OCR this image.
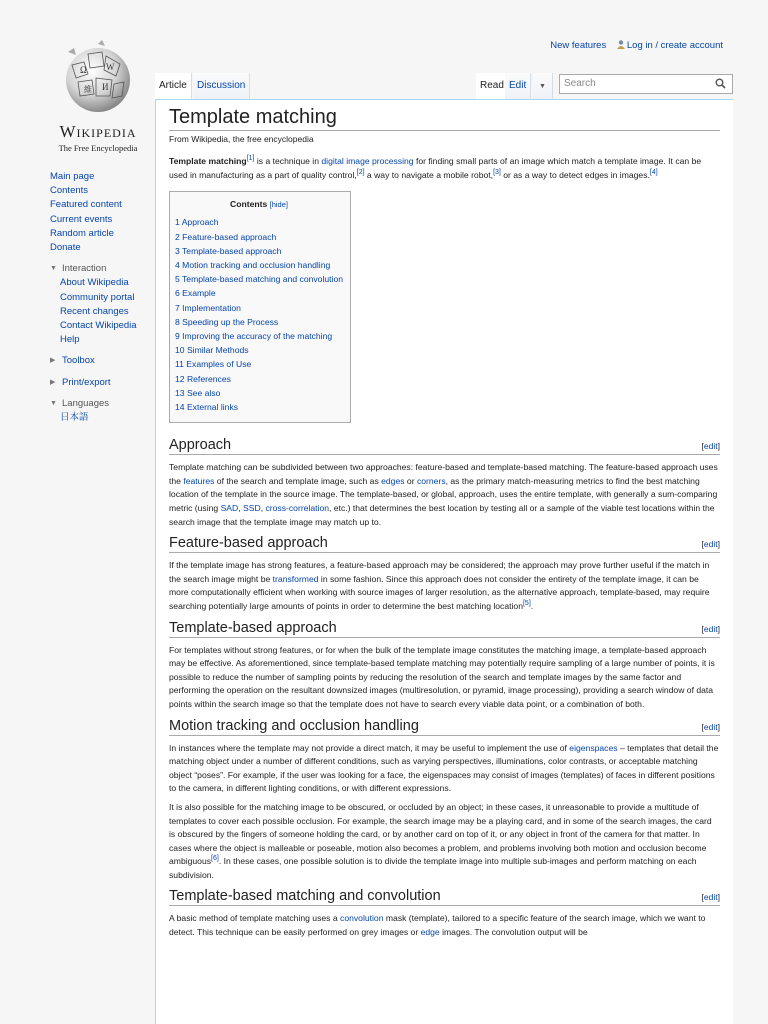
New features Log in / create account
Ω W
И
維
Wikipedia
The Free Encyclopedia
Main page
Contents
Featured content
Current events
Random article
Donate
▼ Interaction
About Wikipedia
Community portal
Recent changes
Contact Wikipedia
Help
▶ Toolbox
▶ Print/export
▼ Languages
日本語
Article	Discussion	Read Edit	▼
Search
Template matching
From Wikipedia, the free encyclopedia

Template matching[1] is a technique in digital image processing for finding small parts of an image which match a template image. It can be used in manufacturing as a part of quality control,[2] a way to navigate a mobile robot,[3] or as a way to detect edges in images.[4]

Contents [hide]
1 Approach
2 Feature-based approach
3 Template-based approach
4 Motion tracking and occlusion handling
5 Template-based matching and convolution
6 Example
7 Implementation
8 Speeding up the Process
9 Improving the accuracy of the matching
10 Similar Methods
11 Examples of Use
12 References
13 See also
14 External links
Approach	[edit]

Template matching can be subdivided between two approaches: feature-based and template-based matching. The feature-based approach uses the features of the search and template image, such as edges or corners, as the primary match-measuring metrics to find the best matching location of the template in the source image. The template-based, or global, approach, uses the entire template, with generally a sum-comparing metric (using SAD, SSD, cross-correlation, etc.) that determines the best location by testing all or a sample of the viable test locations within the search image that the template image may match up to.

Feature-based approach	[edit]

If the template image has strong features, a feature-based approach may be considered; the approach may prove further useful if the match in the search image might be transformed in some fashion. Since this approach does not consider the entirety of the template image, it can be more computationally efficient when working with source images of larger resolution, as the alternative approach, template-based, may require searching potentially large amounts of points in order to determine the best matching location[5].

Template-based approach	[edit]

For templates without strong features, or for when the bulk of the template image constitutes the matching image, a template-based approach may be effective. As aforementioned, since template-based template matching may potentially require sampling of a large number of points, it is possible to reduce the number of sampling points by reducing the resolution of the search and template images by the same factor and performing the operation on the resultant downsized images (multiresolution, or pyramid, image processing), providing a search window of data points within the search image so that the template does not have to search every viable data point, or a combination of both.

Motion tracking and occlusion handling	[edit]

In instances where the template may not provide a direct match, it may be useful to implement the use of eigenspaces – templates that detail the matching object under a number of different conditions, such as varying perspectives, illuminations, color contrasts, or acceptable matching object “poses”. For example, if the user was looking for a face, the eigenspaces may consist of images (templates) of faces in different positions to the camera, in different lighting conditions, or with different expressions.

It is also possible for the matching image to be obscured, or occluded by an object; in these cases, it unreasonable to provide a multitude of templates to cover each possible occlusion. For example, the search image may be a playing card, and in some of the search images, the card is obscured by the fingers of someone holding the card, or by another card on top of it, or any object in front of the camera for that matter. In cases where the object is malleable or poseable, motion also becomes a problem, and problems involving both motion and occlusion become ambiguous[6]. In these cases, one possible solution is to divide the template image into multiple sub-images and perform matching on each subdivision.

Template-based matching and convolution	[edit]

A basic method of template matching uses a convolution mask (template), tailored to a specific feature of the search image, which we want to detect. This technique can be easily performed on grey images or edge images. The convolution output will be
